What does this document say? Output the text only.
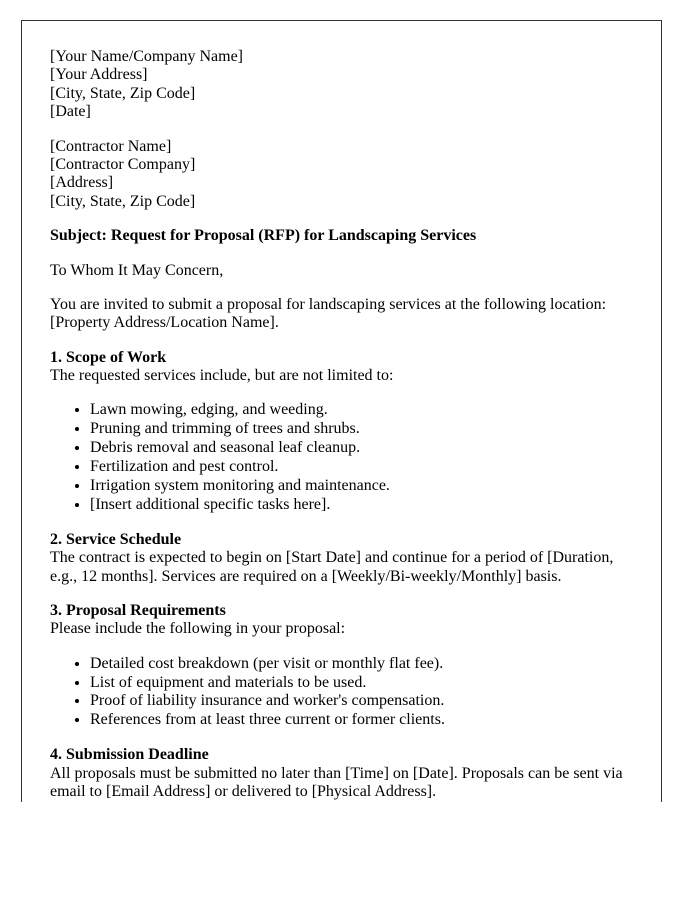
[Your Name/Company Name]
[Your Address]
[City, State, Zip Code]
[Date]
[Contractor Name]
[Contractor Company]
[Address]
[City, State, Zip Code]
Subject: Request for Proposal (RFP) for Landscaping Services
To Whom It May Concern,
You are invited to submit a proposal for landscaping services at the following location: [Property Address/Location Name].
1. Scope of Work
The requested services include, but are not limited to:
• Lawn mowing, edging, and weeding.
• Pruning and trimming of trees and shrubs.
• Debris removal and seasonal leaf cleanup.
• Fertilization and pest control.
• Irrigation system monitoring and maintenance.
• [Insert additional specific tasks here].
2. Service Schedule
The contract is expected to begin on [Start Date] and continue for a period of [Duration, e.g., 12 months]. Services are required on a [Weekly/Bi-weekly/Monthly] basis.
3. Proposal Requirements
Please include the following in your proposal:
• Detailed cost breakdown (per visit or monthly flat fee).
• List of equipment and materials to be used.
• Proof of liability insurance and worker's compensation.
• References from at least three current or former clients.
4. Submission Deadline
All proposals must be submitted no later than [Time] on [Date]. Proposals can be sent via email to [Email Address] or delivered to [Physical Address].
